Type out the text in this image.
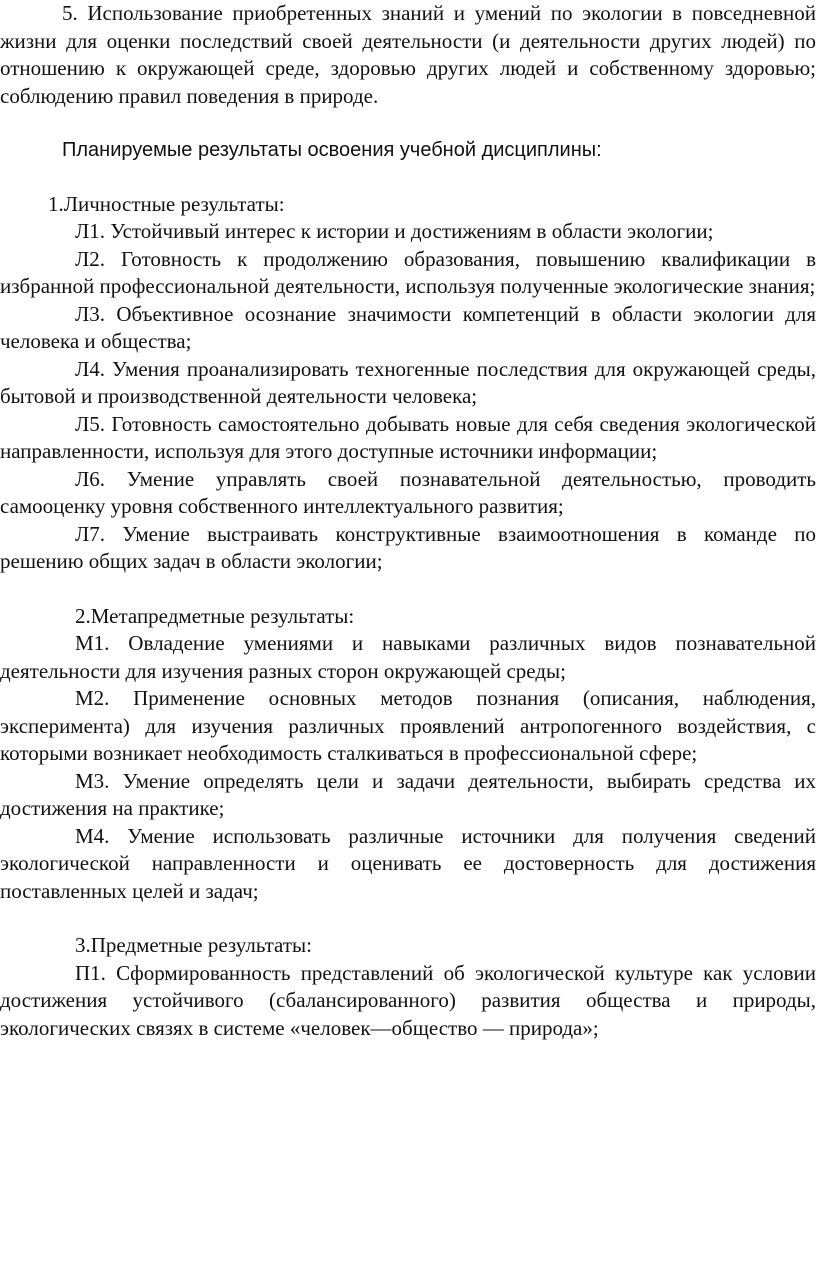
5. Использование приобретенных знаний и умений по экологии в повседневной жизни для оценки последствий своей деятельности (и деятельности других людей) по отношению к окружающей среде, здоровью других людей и собственному здоровью; соблюдению правил поведения в природе.

Планируемые результаты освоения учебной дисциплины:

1.Личностные результаты:

Л1. Устойчивый интерес к истории и достижениям в области экологии;

Л2. Готовность к продолжению образования, повышению квалификации в избранной профессиональной деятельности, используя полученные экологические знания;

Л3. Объективное осознание значимости компетенций в области экологии для человека и общества;

Л4. Умения проанализировать техногенные последствия для окружающей среды, бытовой и производственной деятельности человека;

Л5. Готовность самостоятельно добывать новые для себя сведения экологической направленности, используя для этого доступные источники информации;

Л6. Умение управлять своей познавательной деятельностью, проводить самооценку уровня собственного интеллектуального развития;

Л7. Умение выстраивать конструктивные взаимоотношения в команде по решению общих задач в области экологии;

2.Метапредметные результаты:

М1. Овладение умениями и навыками различных видов познавательной деятельности для изучения разных сторон окружающей среды;

М2. Применение основных методов познания (описания, наблюдения, эксперимента) для изучения различных проявлений антропогенного воздействия, с которыми возникает необходимость сталкиваться в профессиональной сфере;

М3. Умение определять цели и задачи деятельности, выбирать средства их достижения на практике;

М4. Умение использовать различные источники для получения сведений экологической направленности и оценивать ее достоверность для достижения поставленных целей и задач;

3.Предметные результаты:

П1. Сформированность представлений об экологической культуре как условии достижения устойчивого (сбалансированного) развития общества и природы, экологических связях в системе «человек—общество — природа»;
